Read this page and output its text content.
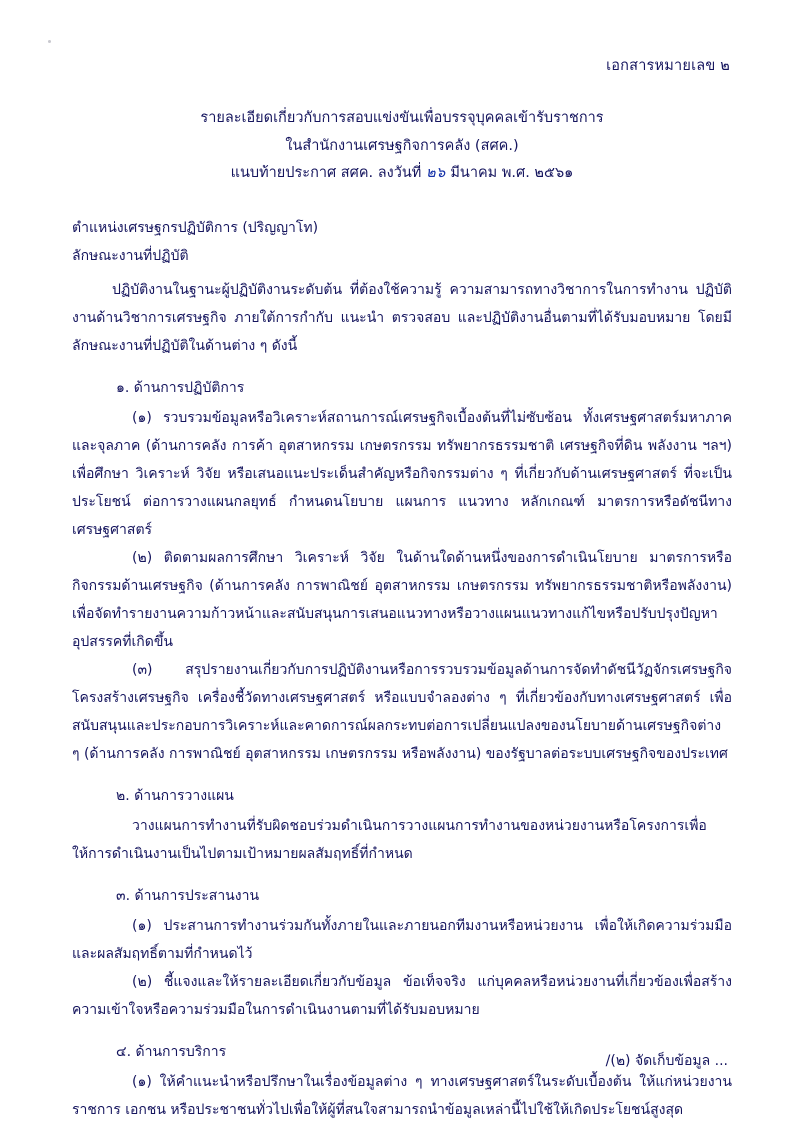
เอกสารหมายเลข ๒
รายละเอียดเกี่ยวกับการสอบแข่งขันเพื่อบรรจุบุคคลเข้ารับราชการ
ในสำนักงานเศรษฐกิจการคลัง (สศค.)
แนบท้ายประกาศ สศค. ลงวันที่ ๒๖ มีนาคม พ.ศ. ๒๕๖๑

ตำแหน่งเศรษฐกรปฏิบัติการ (ปริญญาโท)

ลักษณะงานที่ปฏิบัติ

ปฏิบัติงานในฐานะผู้ปฏิบัติงานระดับต้น ที่ต้องใช้ความรู้ ความสามารถทางวิชาการในการทำงาน ปฏิบัติงานด้านวิชาการเศรษฐกิจ ภายใต้การกำกับ แนะนำ ตรวจสอบ และปฏิบัติงานอื่นตามที่ได้รับมอบหมาย โดยมีลักษณะงานที่ปฏิบัติในด้านต่าง ๆ ดังนี้

๑. ด้านการปฏิบัติการ

(๑) รวบรวมข้อมูลหรือวิเคราะห์สถานการณ์เศรษฐกิจเบื้องต้นที่ไม่ซับซ้อน ทั้งเศรษฐศาสตร์มหาภาคและจุลภาค (ด้านการคลัง การค้า อุตสาหกรรม เกษตรกรรม ทรัพยากรธรรมชาติ เศรษฐกิจที่ดิน พลังงาน ฯลฯ) เพื่อศึกษา วิเคราะห์ วิจัย หรือเสนอแนะประเด็นสำคัญหรือกิจกรรมต่าง ๆ ที่เกี่ยวกับด้านเศรษฐศาสตร์ ที่จะเป็นประโยชน์ ต่อการวางแผนกลยุทธ์ กำหนดนโยบาย แผนการ แนวทาง หลักเกณฑ์ มาตรการหรือดัชนีทางเศรษฐศาสตร์

(๒) ติดตามผลการศึกษา วิเคราะห์ วิจัย ในด้านใดด้านหนึ่งของการดำเนินโยบาย มาตรการหรือกิจกรรมด้านเศรษฐกิจ (ด้านการคลัง การพาณิชย์ อุตสาหกรรม เกษตรกรรม ทรัพยากรธรรมชาติหรือพลังงาน) เพื่อจัดทำรายงานความก้าวหน้าและสนับสนุนการเสนอแนวทางหรือวางแผนแนวทางแก้ไขหรือปรับปรุงปัญหาอุปสรรคที่เกิดขึ้น

(๓) สรุปรายงานเกี่ยวกับการปฏิบัติงานหรือการรวบรวมข้อมูลด้านการจัดทำดัชนีวัฏจักรเศรษฐกิจ โครงสร้างเศรษฐกิจ เครื่องชี้วัดทางเศรษฐศาสตร์ หรือแบบจำลองต่าง ๆ ที่เกี่ยวข้องกับทางเศรษฐศาสตร์ เพื่อสนับสนุนและประกอบการวิเคราะห์และคาดการณ์ผลกระทบต่อการเปลี่ยนแปลงของนโยบายด้านเศรษฐกิจต่าง ๆ (ด้านการคลัง การพาณิชย์ อุตสาหกรรม เกษตรกรรม หรือพลังงาน) ของรัฐบาลต่อระบบเศรษฐกิจของประเทศ

๒. ด้านการวางแผน

วางแผนการทำงานที่รับผิดชอบร่วมดำเนินการวางแผนการทำงานของหน่วยงานหรือโครงการเพื่อให้การดำเนินงานเป็นไปตามเป้าหมายผลสัมฤทธิ์ที่กำหนด

๓. ด้านการประสานงาน

(๑) ประสานการทำงานร่วมกันทั้งภายในและภายนอกทีมงานหรือหน่วยงาน เพื่อให้เกิดความร่วมมือและผลสัมฤทธิ์ตามที่กำหนดไว้

(๒) ชี้แจงและให้รายละเอียดเกี่ยวกับข้อมูล ข้อเท็จจริง แก่บุคคลหรือหน่วยงานที่เกี่ยวข้องเพื่อสร้างความเข้าใจหรือความร่วมมือในการดำเนินงานตามที่ได้รับมอบหมาย

๔. ด้านการบริการ

(๑) ให้คำแนะนำหรือปรึกษาในเรื่องข้อมูลต่าง ๆ ทางเศรษฐศาสตร์ในระดับเบื้องต้น ให้แก่หน่วยงานราชการ เอกชน หรือประชาชนทั่วไปเพื่อให้ผู้ที่สนใจสามารถนำข้อมูลเหล่านี้ไปใช้ให้เกิดประโยชน์สูงสุด

/(๒) จัดเก็บข้อมูล ...
